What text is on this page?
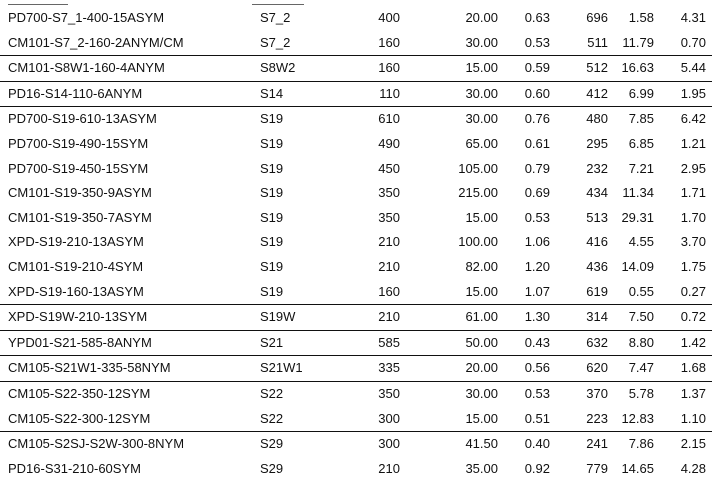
PD700-S7_1-400-15ASYM	S7_2	400	20.00	0.63	696	1.58	4.31
CM101-S7_2-160-2ANYM/CM	S7_2	160	30.00	0.53	511	11.79	0.70
CM101-S8W1-160-4ANYM	S8W2	160	15.00	0.59	512	16.63	5.44
PD16-S14-110-6ANYM	S14	110	30.00	0.60	412	6.99	1.95
PD700-S19-610-13ASYM	S19	610	30.00	0.76	480	7.85	6.42
PD700-S19-490-15SYM	S19	490	65.00	0.61	295	6.85	1.21
PD700-S19-450-15SYM	S19	450	105.00	0.79	232	7.21	2.95
CM101-S19-350-9ASYM	S19	350	215.00	0.69	434	11.34	1.71
CM101-S19-350-7ASYM	S19	350	15.00	0.53	513	29.31	1.70
XPD-S19-210-13ASYM	S19	210	100.00	1.06	416	4.55	3.70
CM101-S19-210-4SYM	S19	210	82.00	1.20	436	14.09	1.75
XPD-S19-160-13ASYM	S19	160	15.00	1.07	619	0.55	0.27
XPD-S19W-210-13SYM	S19W	210	61.00	1.30	314	7.50	0.72
YPD01-S21-585-8ANYM	S21	585	50.00	0.43	632	8.80	1.42
CM105-S21W1-335-58NYM	S21W1	335	20.00	0.56	620	7.47	1.68
CM105-S22-350-12SYM	S22	350	30.00	0.53	370	5.78	1.37
CM105-S22-300-12SYM	S22	300	15.00	0.51	223	12.83	1.10
CM105-S2SJ-S2W-300-8NYM	S29	300	41.50	0.40	241	7.86	2.15
PD16-S31-210-60SYM	S29	210	35.00	0.92	779	14.65	4.28
